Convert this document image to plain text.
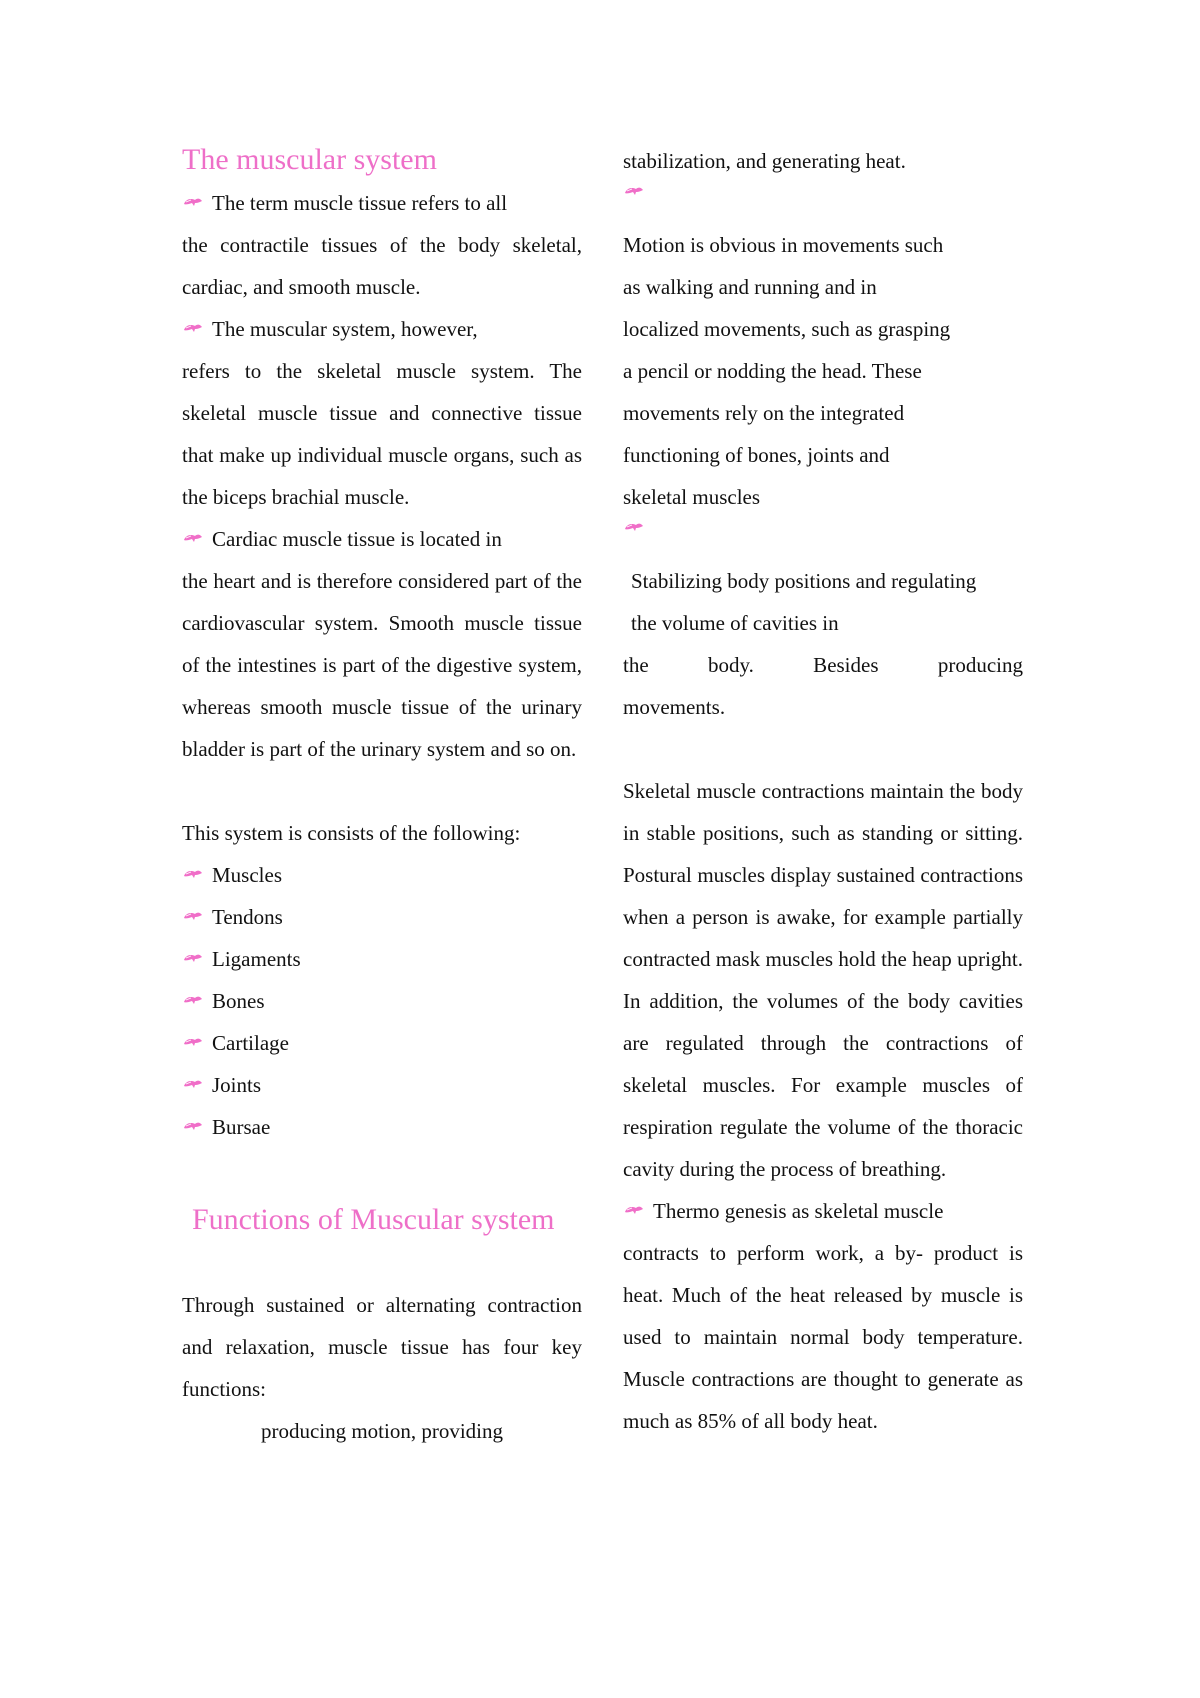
The muscular system

The term muscle tissue refers to all
the contractile tissues of the body skeletal, cardiac, and smooth muscle.

The muscular system, however,
refers to the skeletal muscle system. The skeletal muscle tissue and connective tissue that make up individual muscle organs, such as the biceps brachial muscle.

Cardiac muscle tissue is located in
the heart and is therefore considered part of the cardiovascular system. Smooth muscle tissue of the intestines is part of the digestive system, whereas smooth muscle tissue of the urinary bladder is part of the urinary system and so on.

This system is consists of the following:

Muscles
Tendons
Ligaments
Bones
Cartilage
Joints
Bursae
Functions of Muscular system

Through sustained or alternating contraction and relaxation, muscle tissue has four key functions:

producing motion, providing

stabilization, and generating heat.

Motion is obvious in movements such as walking and running and in localized movements, such as grasping a pencil or nodding the head. These movements rely on the integrated functioning of bones, joints and skeletal muscles

Stabilizing body positions and regulating the volume of cavities in

the body. Besides producing

movements.

Skeletal muscle contractions maintain the body in stable positions, such as standing or sitting. Postural muscles display sustained contractions when a person is awake, for example partially contracted mask muscles hold the heap upright. In addition, the volumes of the body cavities are regulated through the contractions of skeletal muscles. For example muscles of respiration regulate the volume of the thoracic cavity during the process of breathing.

Thermo genesis as skeletal muscle
contracts to perform work, a by- product is heat. Much of the heat released by muscle is used to maintain normal body temperature. Muscle contractions are thought to generate as much as 85% of all body heat.
